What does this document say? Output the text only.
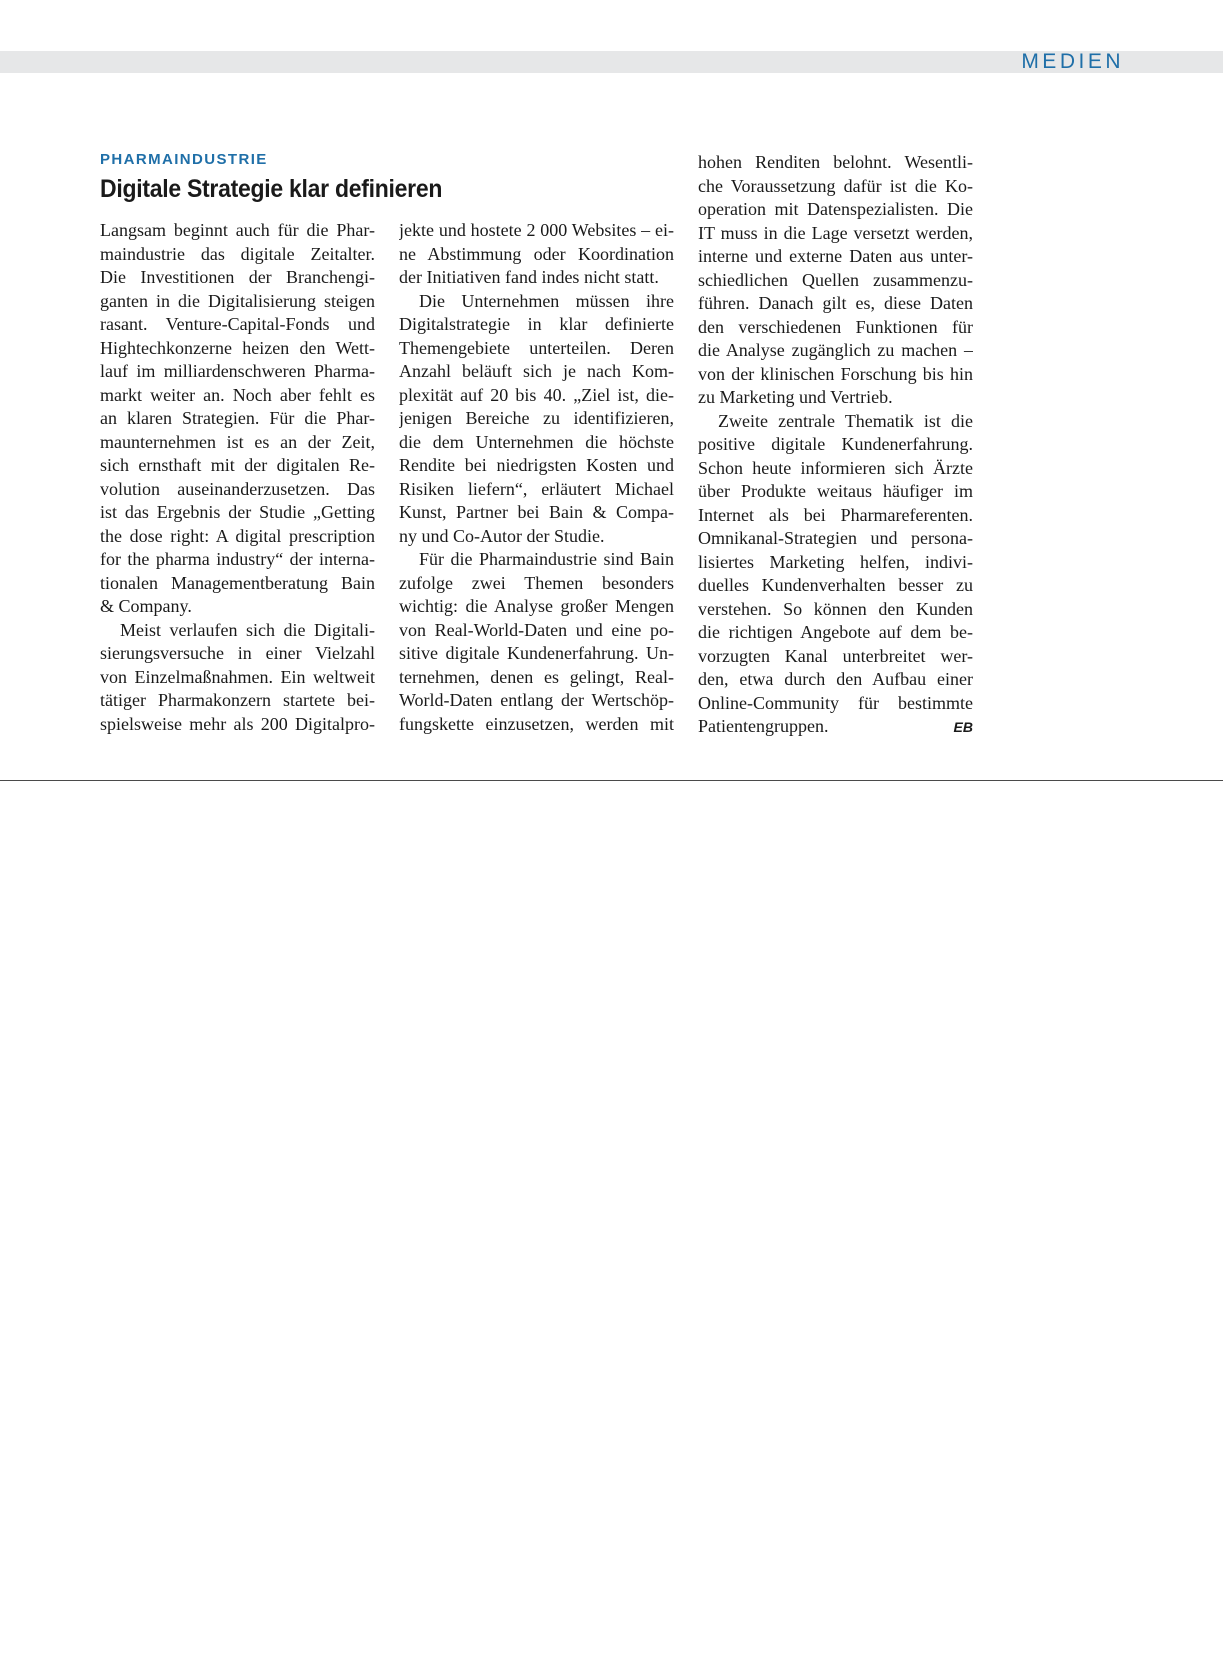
MEDIEN
PHARMAINDUSTRIE
Digitale Strategie klar definieren
Langsam beginnt auch für die Phar-
maindustrie das digitale Zeitalter.
Die Investitionen der Branchengi-
ganten in die Digitalisierung steigen
rasant. Venture-Capital-Fonds und
Hightechkonzerne heizen den Wett-
lauf im milliardenschweren Pharma-
markt weiter an. Noch aber fehlt es
an klaren Strategien. Für die Phar-
maunternehmen ist es an der Zeit,
sich ernsthaft mit der digitalen Re-
volution auseinanderzusetzen. Das
ist das Ergebnis der Studie „Getting
the dose right: A digital prescription
for the pharma industry“ der interna-
tionalen Managementberatung Bain
& Company.
Meist verlaufen sich die Digitali-
sierungsversuche in einer Vielzahl
von Einzelmaßnahmen. Ein weltweit
tätiger Pharmakonzern startete bei-
spielsweise mehr als 200 Digitalpro-
jekte und hostete 2 000 Websites – ei-
ne Abstimmung oder Koordination
der Initiativen fand indes nicht statt.
Die Unternehmen müssen ihre
Digitalstrategie in klar definierte
Themengebiete unterteilen. Deren
Anzahl beläuft sich je nach Kom-
plexität auf 20 bis 40. „Ziel ist, die-
jenigen Bereiche zu identifizieren,
die dem Unternehmen die höchste
Rendite bei niedrigsten Kosten und
Risiken liefern“, erläutert Michael
Kunst, Partner bei Bain & Compa-
ny und Co-Autor der Studie.
Für die Pharmaindustrie sind Bain
zufolge zwei Themen besonders
wichtig: die Analyse großer Mengen
von Real-World-Daten und eine po-
sitive digitale Kundenerfahrung. Un-
ternehmen, denen es gelingt, Real-
World-Daten entlang der Wertschöp-
fungskette einzusetzen, werden mit
hohen Renditen belohnt. Wesentli-
che Voraussetzung dafür ist die Ko-
operation mit Datenspezialisten. Die
IT muss in die Lage versetzt werden,
interne und externe Daten aus unter-
schiedlichen Quellen zusammenzu-
führen. Danach gilt es, diese Daten
den verschiedenen Funktionen für
die Analyse zugänglich zu machen –
von der klinischen Forschung bis hin
zu Marketing und Vertrieb.
Zweite zentrale Thematik ist die
positive digitale Kundenerfahrung.
Schon heute informieren sich Ärzte
über Produkte weitaus häufiger im
Internet als bei Pharmareferenten.
Omnikanal-Strategien und persona-
lisiertes Marketing helfen, indivi-
duelles Kundenverhalten besser zu
verstehen. So können den Kunden
die richtigen Angebote auf dem be-
vorzugten Kanal unterbreitet wer-
den, etwa durch den Aufbau einer
Online-Community für bestimmte
Patientengruppen.	EB
